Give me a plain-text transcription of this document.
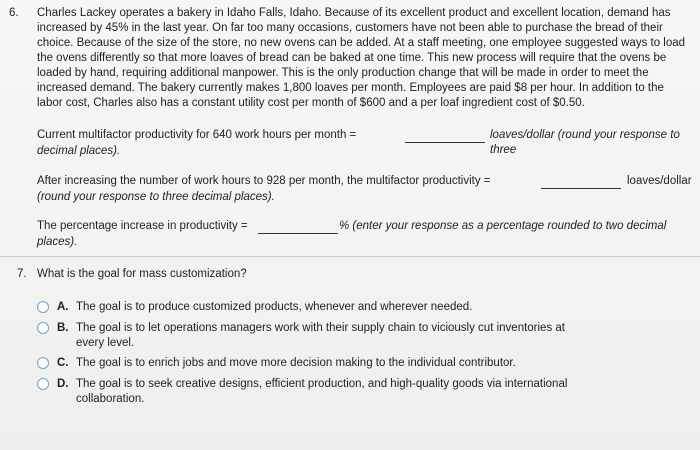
6. Charles Lackey operates a bakery in Idaho Falls, Idaho. Because of its excellent product and excellent location, demand has increased by 45% in the last year. On far too many occasions, customers have not been able to purchase the bread of their choice. Because of the size of the store, no new ovens can be added. At a staff meeting, one employee suggested ways to load the ovens differently so that more loaves of bread can be baked at one time. This new process will require that the ovens be loaded by hand, requiring additional manpower. This is the only production change that will be made in order to meet the increased demand. The bakery currently makes 1,800 loaves per month. Employees are paid $8 per hour. In addition to the labor cost, Charles also has a constant utility cost per month of $600 and a per loaf ingredient cost of $0.50.
Current multifactor productivity for 640 work hours per month =	loaves/dollar (round your response to three
decimal places).
After increasing the number of work hours to 928 per month, the multifactor productivity =	loaves/dollar
(round your response to three decimal places).
The percentage increase in productivity =	% (enter your response as a percentage rounded to two decimal
places).
7. What is the goal for mass customization?
A. The goal is to produce customized products, whenever and wherever needed.
B. The goal is to let operations managers work with their supply chain to viciously cut inventories at every level.
C. The goal is to enrich jobs and move more decision making to the individual contributor.
D. The goal is to seek creative designs, efficient production, and high-quality goods via international collaboration.
